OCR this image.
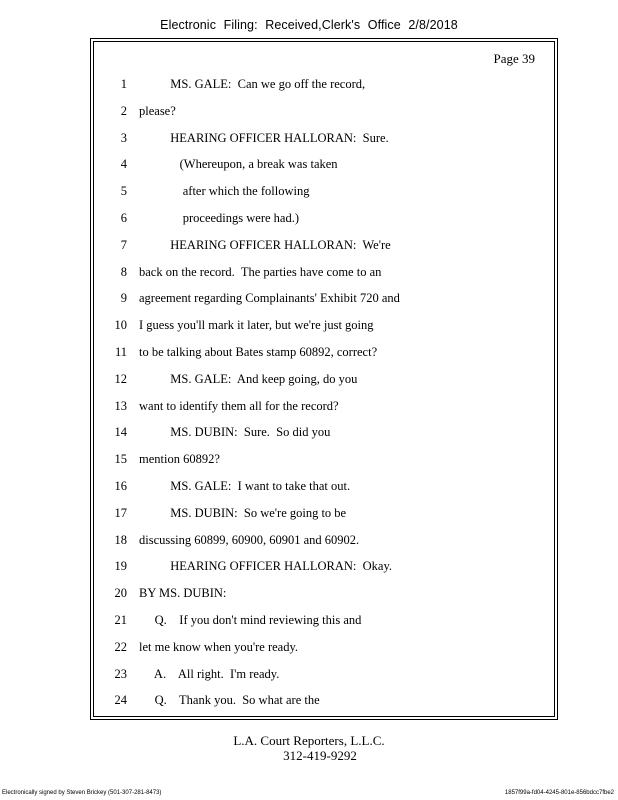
Electronic Filing: Received,Clerk's Office 2/8/2018
Page 39
1 MS. GALE:  Can we go off the record,
2 please?
3 HEARING OFFICER HALLORAN:  Sure.
4 (Whereupon, a break was taken
5 after which the following
6 proceedings were had.)
7 HEARING OFFICER HALLORAN:  We're
8 back on the record.  The parties have come to an
9 agreement regarding Complainants' Exhibit 720 and
10 I guess you'll mark it later, but we're just going
11 to be talking about Bates stamp 60892, correct?
12 MS. GALE:  And keep going, do you
13 want to identify them all for the record?
14 MS. DUBIN:  Sure.  So did you
15 mention 60892?
16 MS. GALE:  I want to take that out.
17 MS. DUBIN:  So we're going to be
18 discussing 60899, 60900, 60901 and 60902.
19 HEARING OFFICER HALLORAN:  Okay.
20 BY MS. DUBIN:
21 Q.    If you don't mind reviewing this and
22 let me know when you're ready.
23 A.    All right.  I'm ready.
24 Q.    Thank you.  So what are the
L.A. Court Reporters, L.L.C.
312-419-9292
Electronically signed by Steven Brickey (501-307-281-8473)	1857f99a-fd04-4245-801e-856bdcc7fbe2
